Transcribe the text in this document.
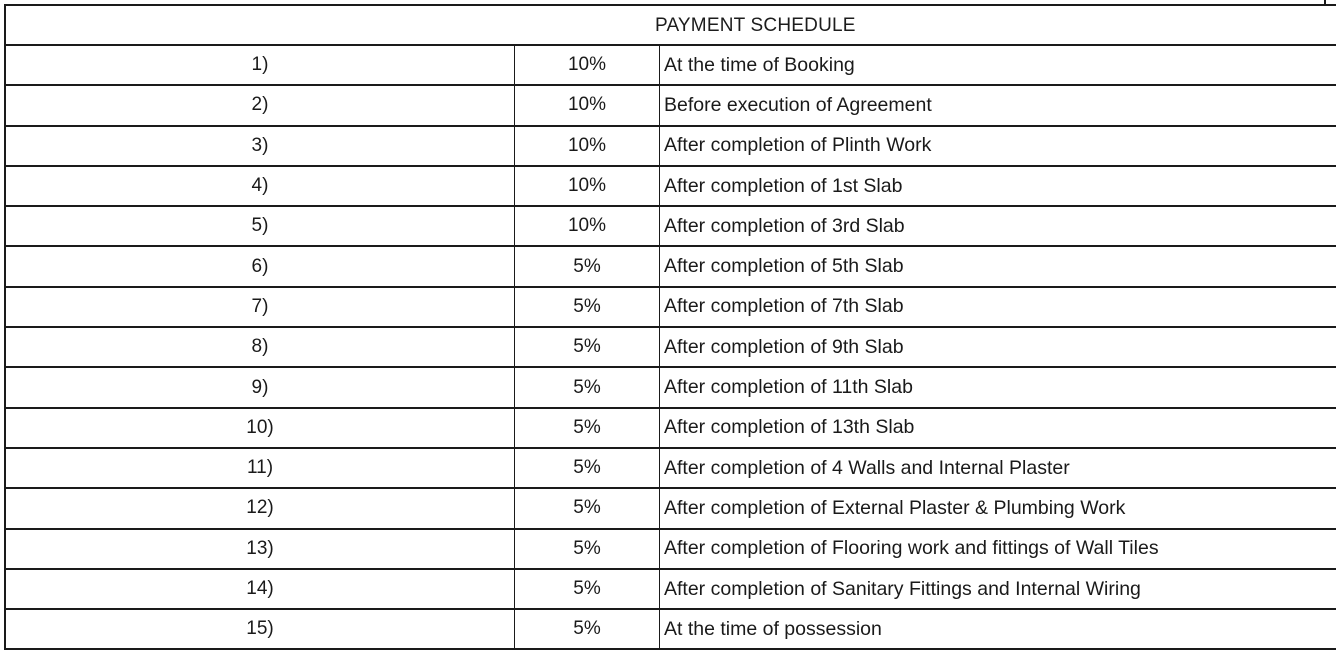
PAYMENT SCHEDULE
1)	10%	At the time of Booking
2)	10%	Before execution of Agreement
3)	10%	After completion of Plinth Work
4)	10%	After completion of 1st Slab
5)	10%	After completion of 3rd Slab
6)	5%	After completion of 5th Slab
7)	5%	After completion of 7th Slab
8)	5%	After completion of 9th Slab
9)	5%	After completion of 11th Slab
10)	5%	After completion of 13th Slab
11)	5%	After completion of 4 Walls and Internal Plaster
12)	5%	After completion of External Plaster & Plumbing Work
13)	5%	After completion of Flooring work and fittings of Wall Tiles
14)	5%	After completion of Sanitary Fittings and Internal Wiring
15)	5%	At the time of possession
